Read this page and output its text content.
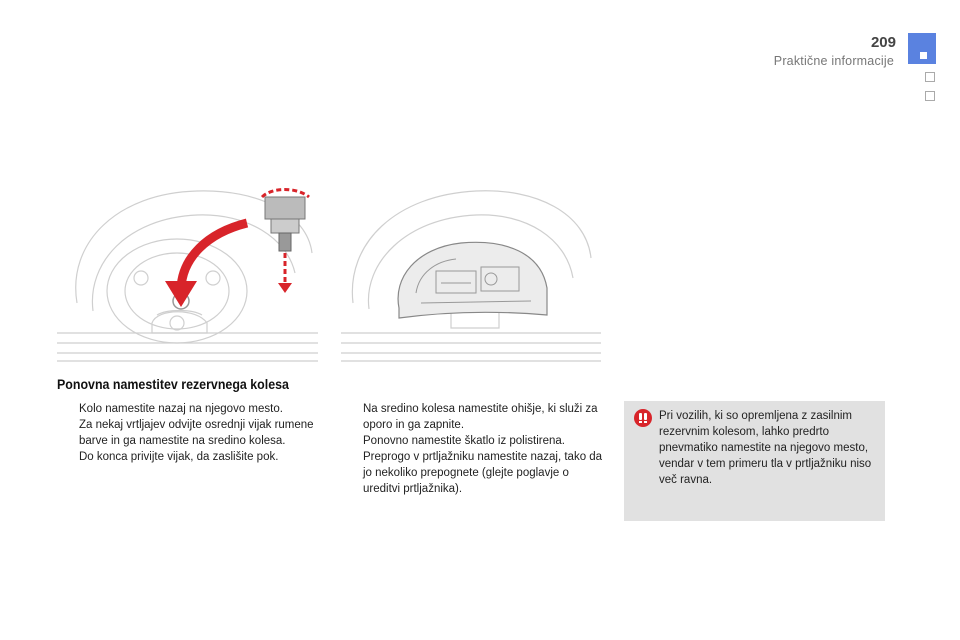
209
Praktične informacije
Ponovna namestitev rezervnega kolesa
Kolo namestite nazaj na njegovo mesto.
Za nekaj vrtljajev odvijte osrednji vijak rumene barve in ga namestite na sredino kolesa.
Do konca privijte vijak, da zaslišite pok.
Na sredino kolesa namestite ohišje, ki služi za oporo in ga zapnite.
Ponovno namestite škatlo iz polistirena.
Preprogo v prtljažniku namestite nazaj, tako da jo nekoliko prepognete (glejte poglavje o ureditvi prtljažnika).
Pri vozilih, ki so opremljena z zasilnim rezervnim kolesom, lahko predrto pnevmatiko namestite na njegovo mesto, vendar v tem primeru tla v prtljažniku niso več ravna.
